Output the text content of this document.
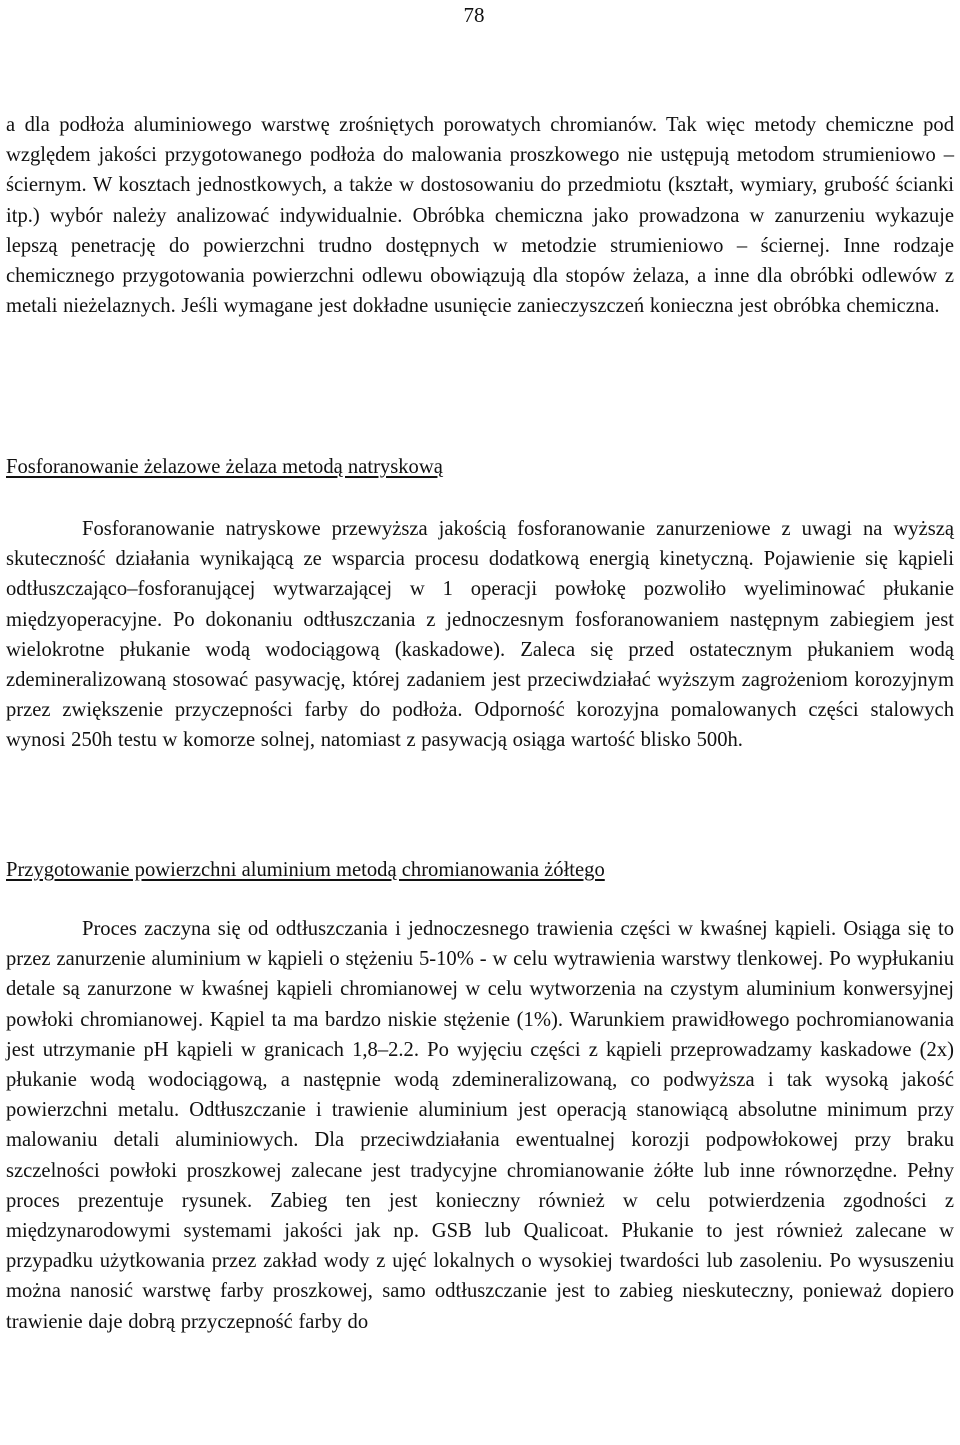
78

a dla podłoża aluminiowego warstwę zrośniętych porowatych chromianów. Tak więc metody chemiczne pod względem jakości przygotowanego podłoża do malowania proszkowego nie ustępują metodom strumieniowo – ściernym. W kosztach jednostkowych, a także w dostosowaniu do przedmiotu (kształt, wymiary, grubość ścianki itp.) wybór należy analizować indywidualnie. Obróbka chemiczna jako prowadzona w zanurzeniu wykazuje lepszą penetrację do powierzchni trudno dostępnych w metodzie strumieniowo – ściernej. Inne rodzaje chemicznego przygotowania powierzchni odlewu obowiązują dla stopów żelaza, a inne dla obróbki odlewów z metali nieżelaznych. Jeśli wymagane jest dokładne usunięcie zanieczyszczeń konieczna jest obróbka chemiczna.

Fosforanowanie żelazowe żelaza metodą natryskową

Fosforanowanie natryskowe przewyższa jakością fosforanowanie zanurzeniowe z uwagi na wyższą skuteczność działania wynikającą ze wsparcia procesu dodatkową energią kinetyczną. Pojawienie się kąpieli odtłuszczająco–fosforanującej wytwarzającej w 1 operacji powłokę pozwoliło wyeliminować płukanie międzyoperacyjne. Po dokonaniu odtłuszczania z jednoczesnym fosforanowaniem następnym zabiegiem jest wielokrotne płukanie wodą wodociągową (kaskadowe). Zaleca się przed ostatecznym płukaniem wodą zdemineralizowaną stosować pasywację, której zadaniem jest przeciwdziałać wyższym zagrożeniom korozyjnym przez zwiększenie przyczepności farby do podłoża. Odporność korozyjna pomalowanych części stalowych wynosi 250h testu w komorze solnej, natomiast z pasywacją osiąga wartość blisko 500h.

Przygotowanie powierzchni aluminium metodą chromianowania żółtego

Proces zaczyna się od odtłuszczania i jednoczesnego trawienia części w kwaśnej kąpieli. Osiąga się to przez zanurzenie aluminium w kąpieli o stężeniu 5-10% - w celu wytrawienia warstwy tlenkowej. Po wypłukaniu detale są zanurzone w kwaśnej kąpieli chromianowej w celu wytworzenia na czystym aluminium konwersyjnej powłoki chromianowej. Kąpiel ta ma bardzo niskie stężenie (1%). Warunkiem prawidłowego pochromianowania jest utrzymanie pH kąpieli w granicach 1,8–2.2. Po wyjęciu części z kąpieli przeprowadzamy kaskadowe (2x) płukanie wodą wodociągową, a następnie wodą zdemineralizowaną, co podwyższa i tak wysoką jakość powierzchni metalu. Odtłuszczanie i trawienie aluminium jest operacją stanowiącą absolutne minimum przy malowaniu detali aluminiowych. Dla przeciwdziałania ewentualnej korozji podpowłokowej przy braku szczelności powłoki proszkowej zalecane jest tradycyjne chromianowanie żółte lub inne równorzędne. Pełny proces prezentuje rysunek. Zabieg ten jest konieczny również w celu potwierdzenia zgodności z międzynarodowymi systemami jakości jak np. GSB lub Qualicoat. Płukanie to jest również zalecane w przypadku użytkowania przez zakład wody z ujęć lokalnych o wysokiej twardości lub zasoleniu. Po wysuszeniu można nanosić warstwę farby proszkowej, samo odtłuszczanie jest to zabieg nieskuteczny, ponieważ dopiero trawienie daje dobrą przyczepność farby do
